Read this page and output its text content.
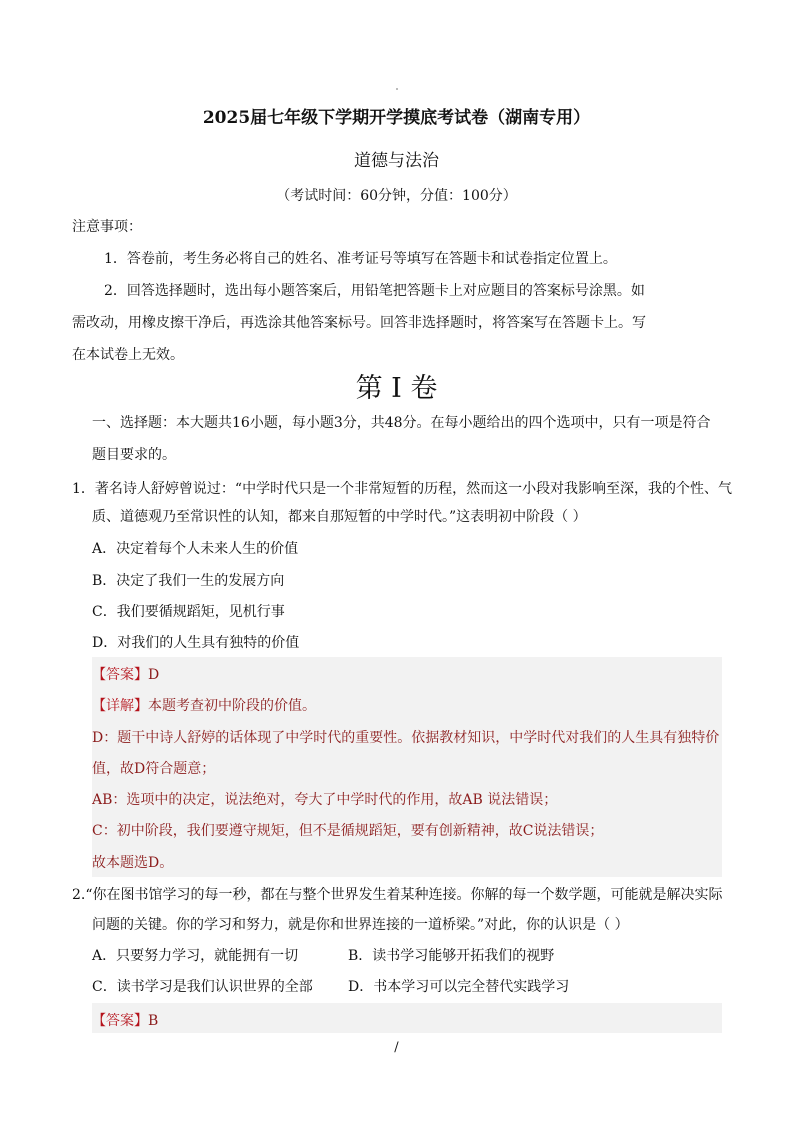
2025届七年级下学期开学摸底考试卷（湖南专用）
道德与法治
（考试时间：60分钟，分值：100分）
注意事项：
1．答卷前，考生务必将自己的姓名、准考证号等填写在答题卡和试卷指定位置上。
2．回答选择题时，选出每小题答案后，用铅笔把答题卡上对应题目的答案标号涂黑。如
需改动，用橡皮擦干净后，再选涂其他答案标号。回答非选择题时，将答案写在答题卡上。写
在本试卷上无效。
第 I 卷
一、选择题：本大题共16小题，每小题3分，共48分。在每小题给出的四个选项中，只有一项是符合
题目要求的。
1．著名诗人舒婷曾说过：“中学时代只是一个非常短暂的历程，然而这一小段对我影响至深，我的个性、气
质、道德观乃至常识性的认知，都来自那短暂的中学时代。”这表明初中阶段（ ）
A．决定着每个人未来人生的价值
B．决定了我们一生的发展方向
C．我们要循规蹈矩，见机行事
D．对我们的人生具有独特的价值
【答案】D
【详解】本题考查初中阶段的价值。
D：题干中诗人舒婷的话体现了中学时代的重要性。依据教材知识，中学时代对我们的人生具有独特价
值，故D符合题意；
AB：选项中的决定，说法绝对，夸大了中学时代的作用，故AB 说法错误；
C：初中阶段，我们要遵守规矩，但不是循规蹈矩，要有创新精神，故C说法错误；
故本题选D。
2.“你在图书馆学习的每一秒，都在与整个世界发生着某种连接。你解的每一个数学题，可能就是解决实际
问题的关键。你的学习和努力，就是你和世界连接的一道桥梁。”对此，你的认识是（ ）
A．只要努力学习，就能拥有一切	B．读书学习能够开拓我们的视野
C．读书学习是我们认识世界的全部	D．书本学习可以完全替代实践学习
【答案】B
/
